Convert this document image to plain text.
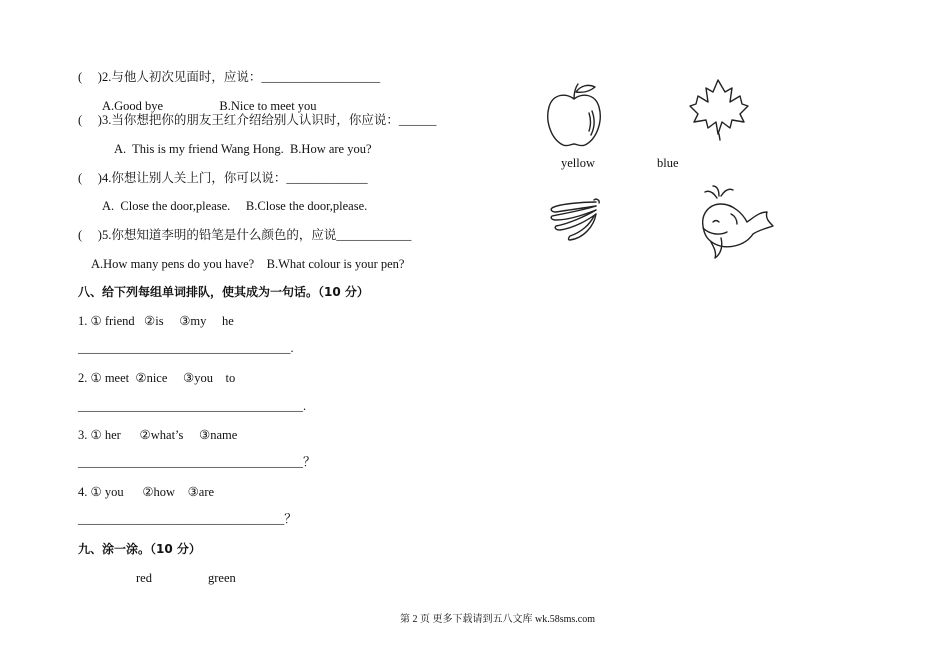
(     )2.与他人初次见面时，应说：___________________
A.Good bye                  B.Nice to meet you
(     )3.当你想把你的朋友王红介绍给别人认识时，你应说：______
A.  This is my friend Wang Hong.  B.How are you?
(     )4.你想让别人关上门，你可以说：_____________
A.  Close the door,please.     B.Close the door,please.
(     )5.你想知道李明的铅笔是什么颜色的，应说____________
A.How many pens do you have?    B.What colour is your pen?
八、给下列每组单词排队，使其成为一句话。（10 分）
1. ① friend   ②is     ③my     he
__________________________________.
2. ① meet  ②nice     ③you    to
____________________________________.
3. ① her      ②what’s     ③name
____________________________________？
4. ① you      ②how    ③are
_________________________________？
九、涂一涂。（10 分）
red	green
yellow	blue
第 2 页 更多下载请到五八文库 wk.58sms.com
